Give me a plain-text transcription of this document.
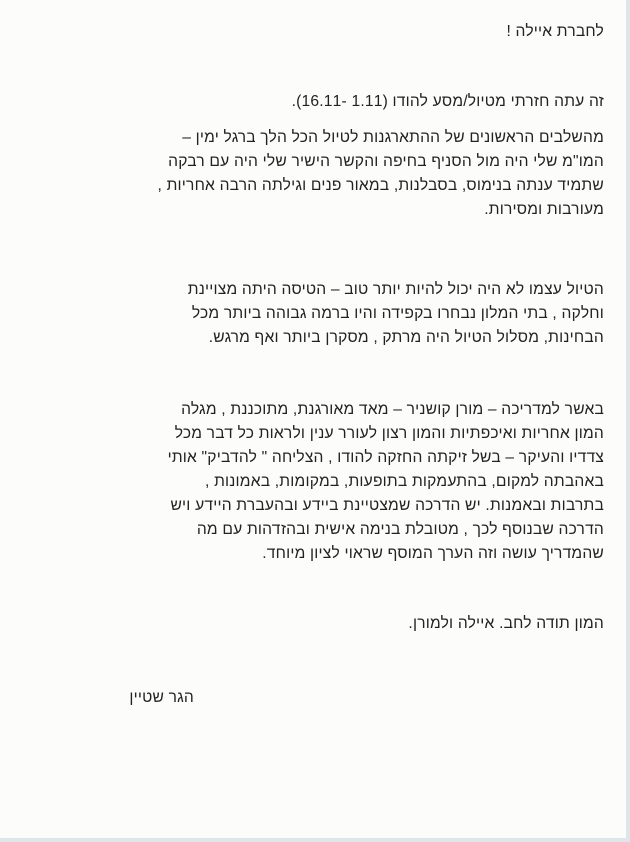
לחברת איילה !
זה עתה חזרתי מטיול/מסע להודו (1.11 -16.11).
מהשלבים הראשונים של ההתארגנות לטיול הכל הלך ברגל ימין –
המו"מ שלי היה מול הסניף בחיפה והקשר הישיר שלי היה עם רבקה
שתמיד ענתה בנימוס, בסבלנות, במאור פנים וגילתה הרבה אחריות ,
מעורבות ומסירות.
הטיול עצמו לא היה יכול להיות יותר טוב – הטיסה היתה מצויינת
וחלקה , בתי המלון נבחרו בקפידה והיו ברמה גבוהה ביותר מכל
הבחינות, מסלול הטיול היה מרתק , מסקרן ביותר ואף מרגש.
באשר למדריכה – מורן קושניר – מאד מאורגנת, מתוכננת , מגלה
המון אחריות ואיכפתיות והמון רצון לעורר ענין ולראות כל דבר מכל
צדדיו והעיקר – בשל זיקתה החזקה להודו , הצליחה " להדביק" אותי
באהבתה למקום, בהתעמקות בתופעות, במקומות, באמונות ,
בתרבות ובאמנות. יש הדרכה שמצטיינת ביידע ובהעברת היידע ויש
הדרכה שבנוסף לכך , מטובלת בנימה אישית ובהזדהות עם מה
שהמדריך עושה וזה הערך המוסף שראוי לציון מיוחד.
המון תודה לחב. איילה ולמורן.
הגר שטיין
